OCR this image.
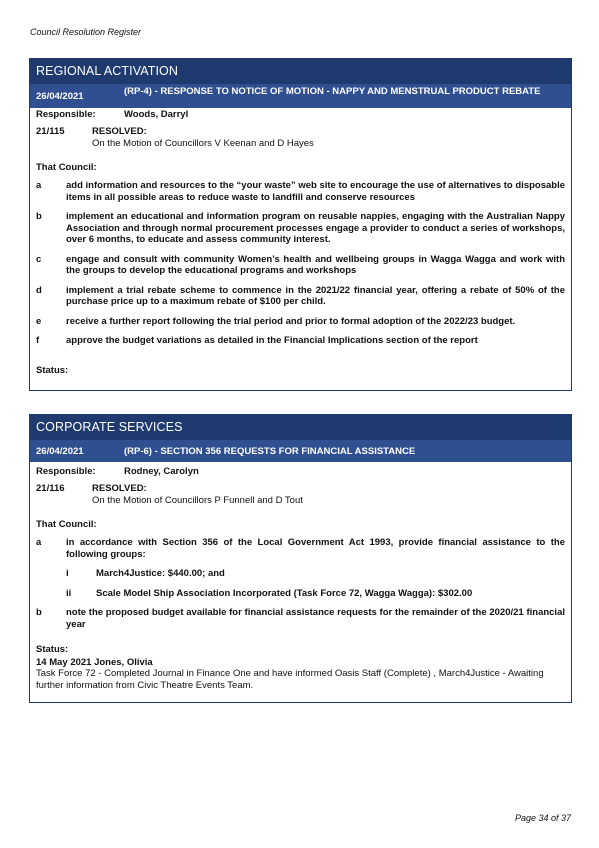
Council Resolution Register
REGIONAL ACTIVATION
26/04/2021	(RP-4) - RESPONSE TO NOTICE OF MOTION - NAPPY AND MENSTRUAL PRODUCT REBATE
Responsible:	Woods, Darryl
21/115	RESOLVED:
On the Motion of Councillors V Keenan and D Hayes
That Council:
a	add information and resources to the “your waste” web site to encourage the use of alternatives to disposable items in all possible areas to reduce waste to landfill and conserve resources
b	implement an educational and information program on reusable nappies, engaging with the Australian Nappy Association and through normal procurement processes engage a provider to conduct a series of workshops, over 6 months, to educate and assess community interest.
c	engage and consult with community Women’s health and wellbeing groups in Wagga Wagga and work with the groups to develop the educational programs and workshops
d	implement a trial rebate scheme to commence in the 2021/22 financial year, offering a rebate of 50% of the purchase price up to a maximum rebate of $100 per child.
e	receive a further report following the trial period and prior to formal adoption of the 2022/23 budget.
f	approve the budget variations as detailed in the Financial Implications section of the report
Status:
CORPORATE SERVICES
26/04/2021	(RP-6) - SECTION 356 REQUESTS FOR FINANCIAL ASSISTANCE
Responsible:	Rodney, Carolyn
21/116	RESOLVED:
On the Motion of Councillors P Funnell and D Tout
That Council:
a	in accordance with Section 356 of the Local Government Act 1993, provide financial assistance to the following groups:
i	March4Justice: $440.00; and
ii	Scale Model Ship Association Incorporated (Task Force 72, Wagga Wagga): $302.00
b	note the proposed budget available for financial assistance requests for the remainder of the 2020/21 financial year
Status:
14 May 2021 Jones, Olivia
Task Force 72 - Completed Journal in Finance One and have informed Oasis Staff (Complete) , March4Justice - Awaiting further information from Civic Theatre Events Team.
Page 34 of 37
